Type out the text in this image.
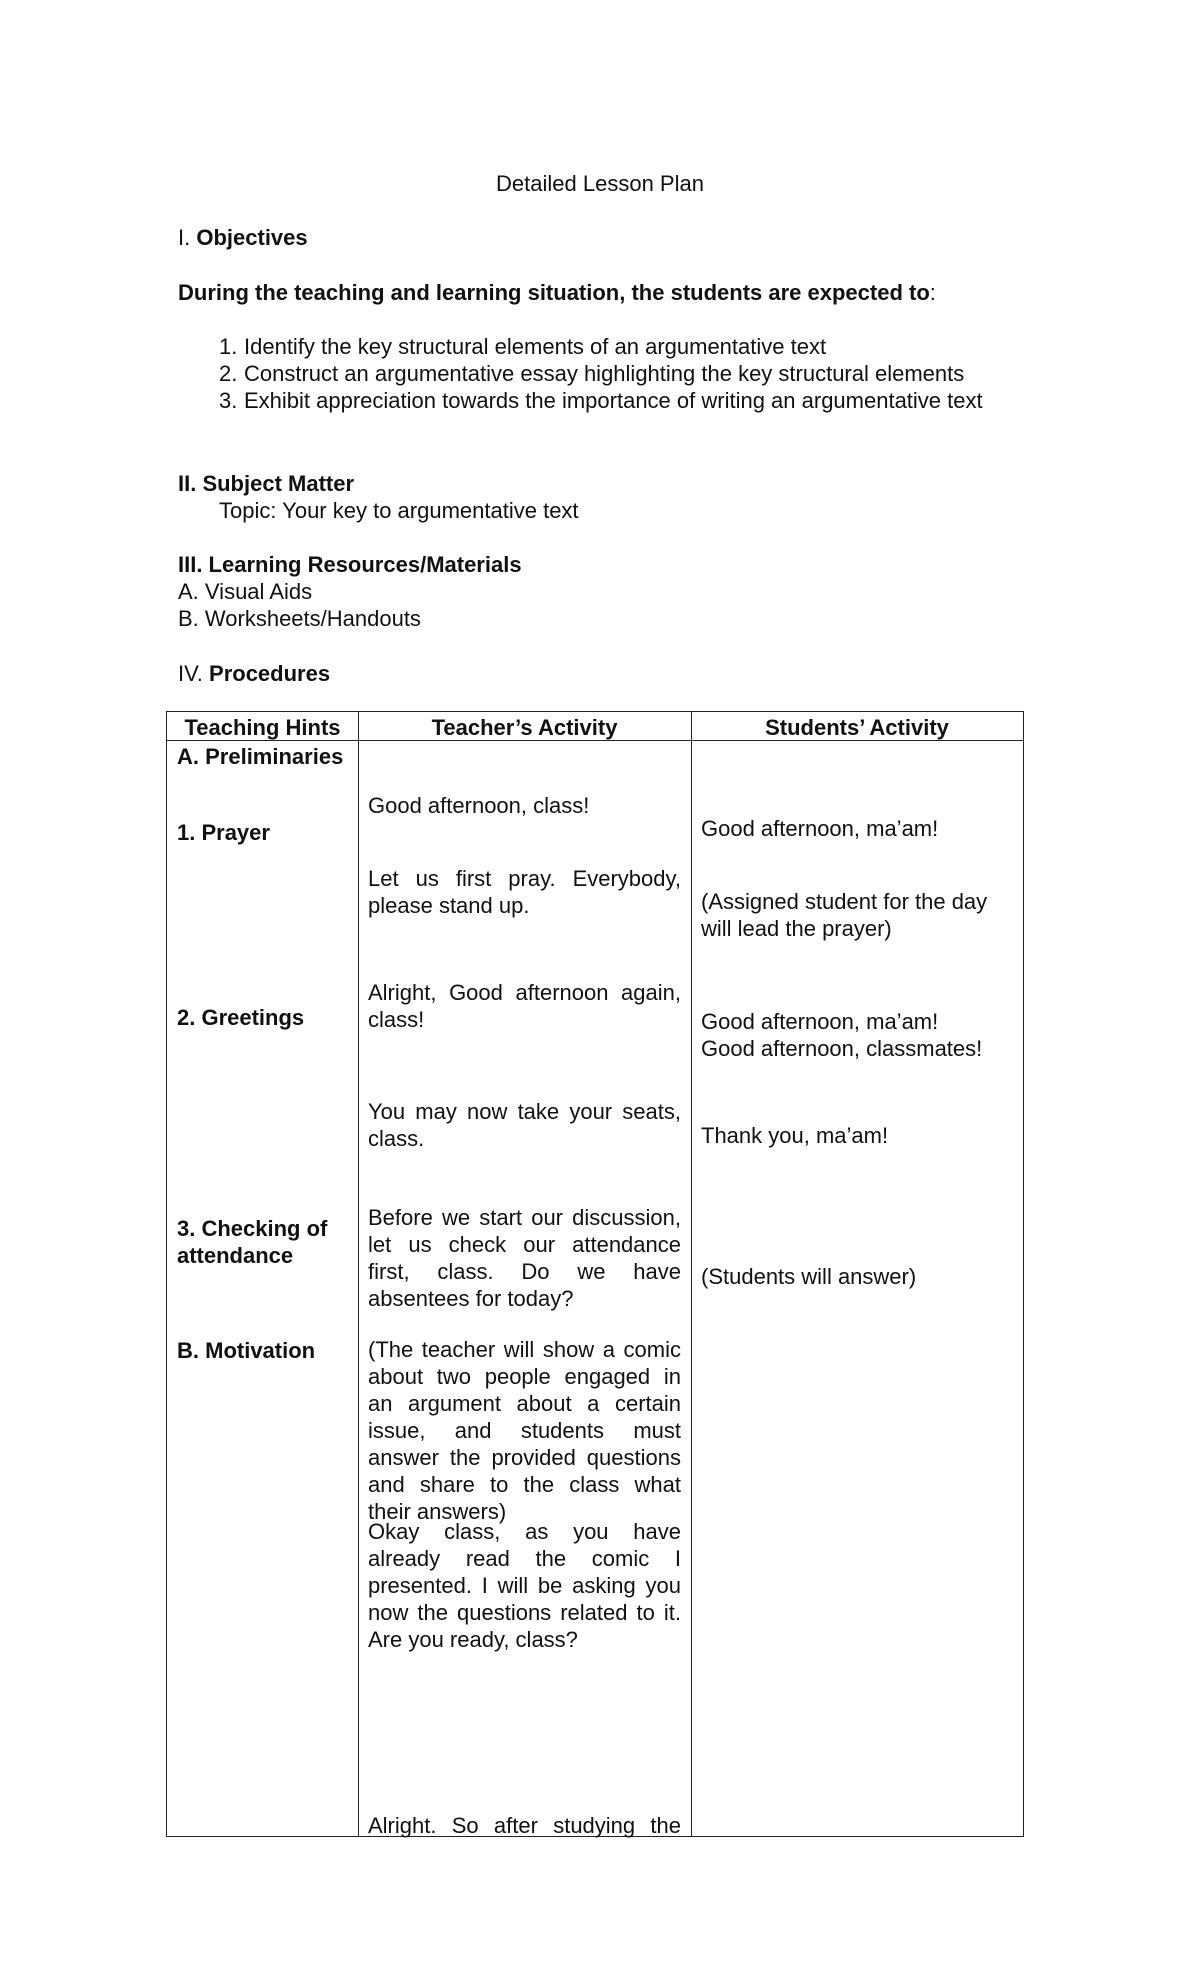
Detailed Lesson Plan
I. Objectives
During the teaching and learning situation, the students are expected to:
1. Identify the key structural elements of an argumentative text
2. Construct an argumentative essay highlighting the key structural elements
3. Exhibit appreciation towards the importance of writing an argumentative text
II. Subject Matter
Topic: Your key to argumentative text
III. Learning Resources/Materials
A. Visual Aids
B. Worksheets/Handouts
IV. Procedures
Teaching Hints	Teacher’s Activity	Students’ Activity
A. Preliminaries
1. Prayer
2. Greetings
3. Checking of attendance
B. Motivation
Good afternoon, class!
Let us first pray. Everybody, please stand up.
Alright, Good afternoon again, class!
You may now take your seats, class.
Before we start our discussion, let us check our attendance first, class. Do we have absentees for today?
(The teacher will show a comic about two people engaged in an argument about a certain issue, and students must answer the provided questions and share to the class what their answers)
Okay class, as you have already read the comic I presented. I will be asking you now the questions related to it. Are you ready, class?
Alright. So after studying the
Good afternoon, ma’am!
(Assigned student for the day will lead the prayer)
Good afternoon, ma’am!
Good afternoon, classmates!
Thank you, ma’am!
(Students will answer)
